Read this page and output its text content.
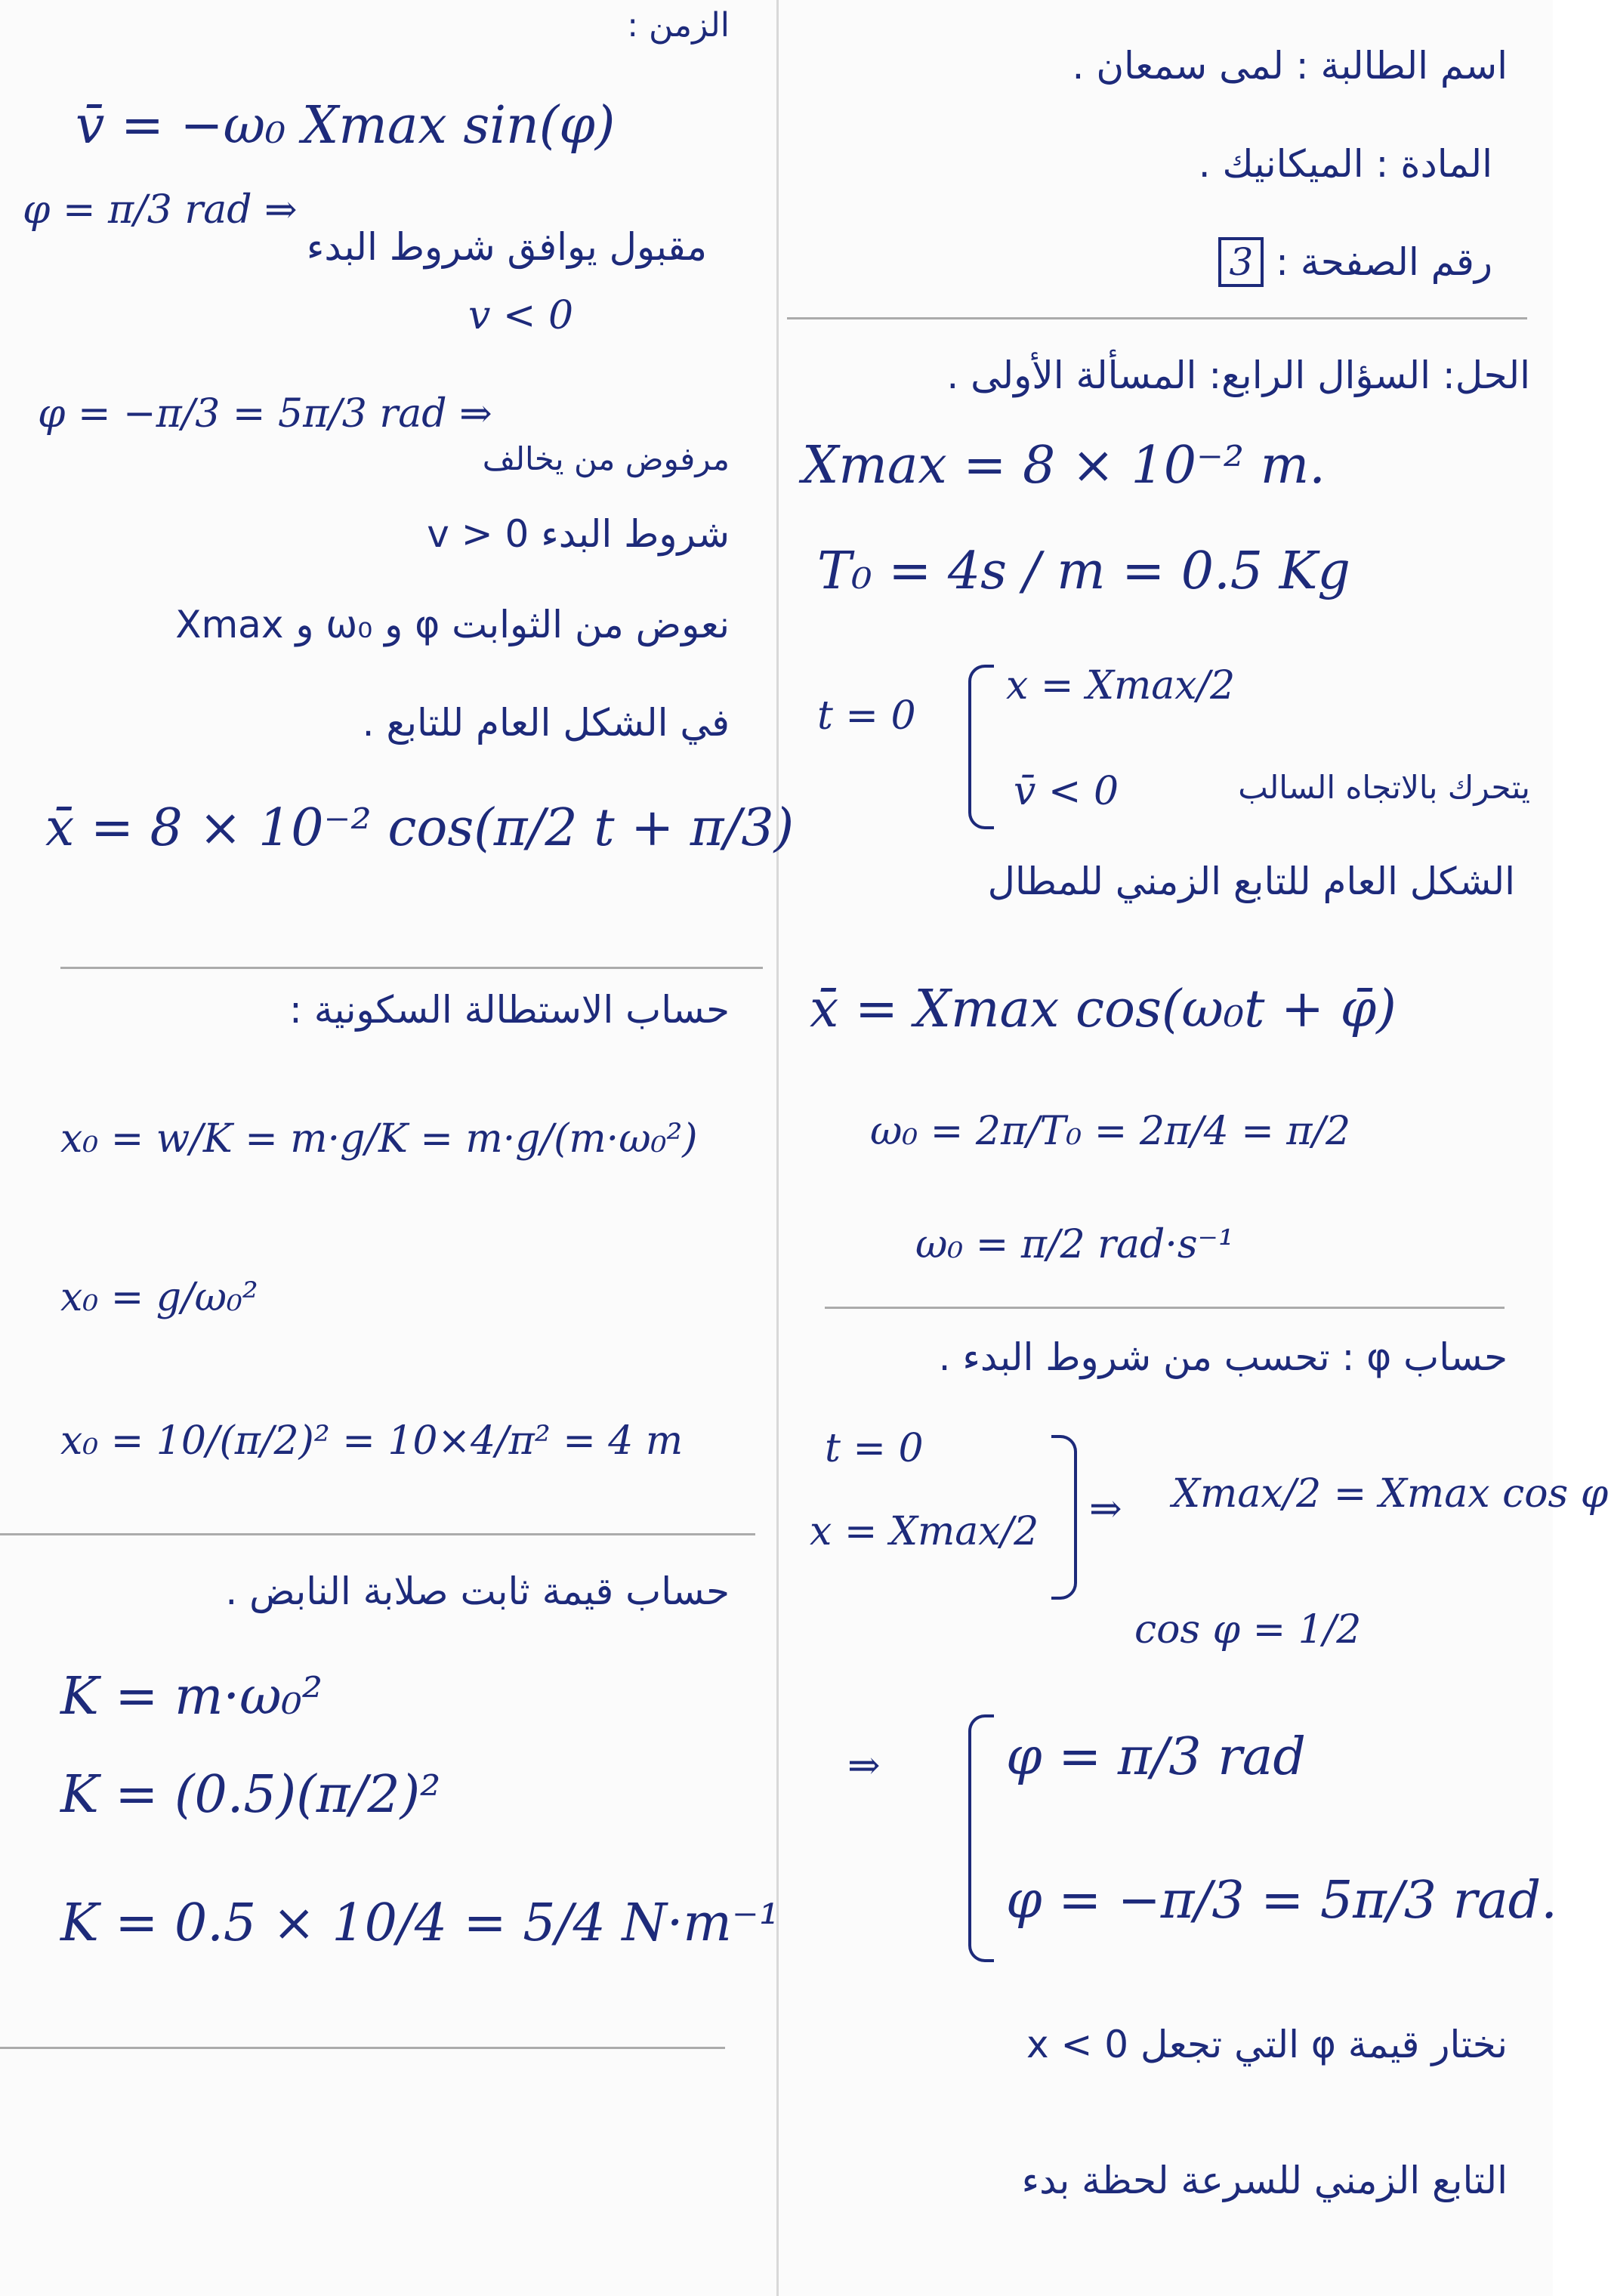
اسم الطالبة : لمى سمعان .
المادة : الميكانيك .
رقم الصفحة : 3
الحل: السؤال الرابع: المسألة الأولى .
Xmax = 8 × 10⁻² m.
T₀ = 4s / m = 0.5 Kg
t = 0
x = Xmax/2
v̄ < 0	يتحرك بالاتجاه السالب
الشكل العام للتابع الزمني للمطال
x̄ = Xmax cos(ω₀t + φ̄)
ω₀ = 2π/T₀ = 2π/4 = π/2
ω₀ = π/2 rad·s⁻¹
حساب φ : تحسب من شروط البدء .
t = 0
x = Xmax/2 ⇒ Xmax/2 = Xmax cos φ
cos φ = 1/2
⇒ φ = π/3 rad
φ = −π/3 = 5π/3 rad.
نختار قيمة φ التي تجعل x < 0
التابع الزمني للسرعة لحظة بدء
الزمن :
v̄ = −ω₀ Xmax sin(φ)
φ = π/3 rad ⇒
مقبول يوافق شروط البدء
v < 0
φ = −π/3 = 5π/3 rad ⇒
مرفوض من يخالف
شروط البدء v > 0
نعوض من الثوابت φ و ω₀ و Xmax
في الشكل العام للتابع .
x̄ = 8 × 10⁻² cos(π/2 t + π/3)
حساب الاستطالة السكونية :
x₀ = w/K = m·g/K = m·g/(m·ω₀²)
x₀ = g/ω₀²
x₀ = 10/(π/2)² = 10×4/π² = 4 m
حساب قيمة ثابت صلابة النابض .
K = m·ω₀²
K = (0.5)(π/2)²
K = 0.5 × 10/4 = 5/4 N·m⁻¹
